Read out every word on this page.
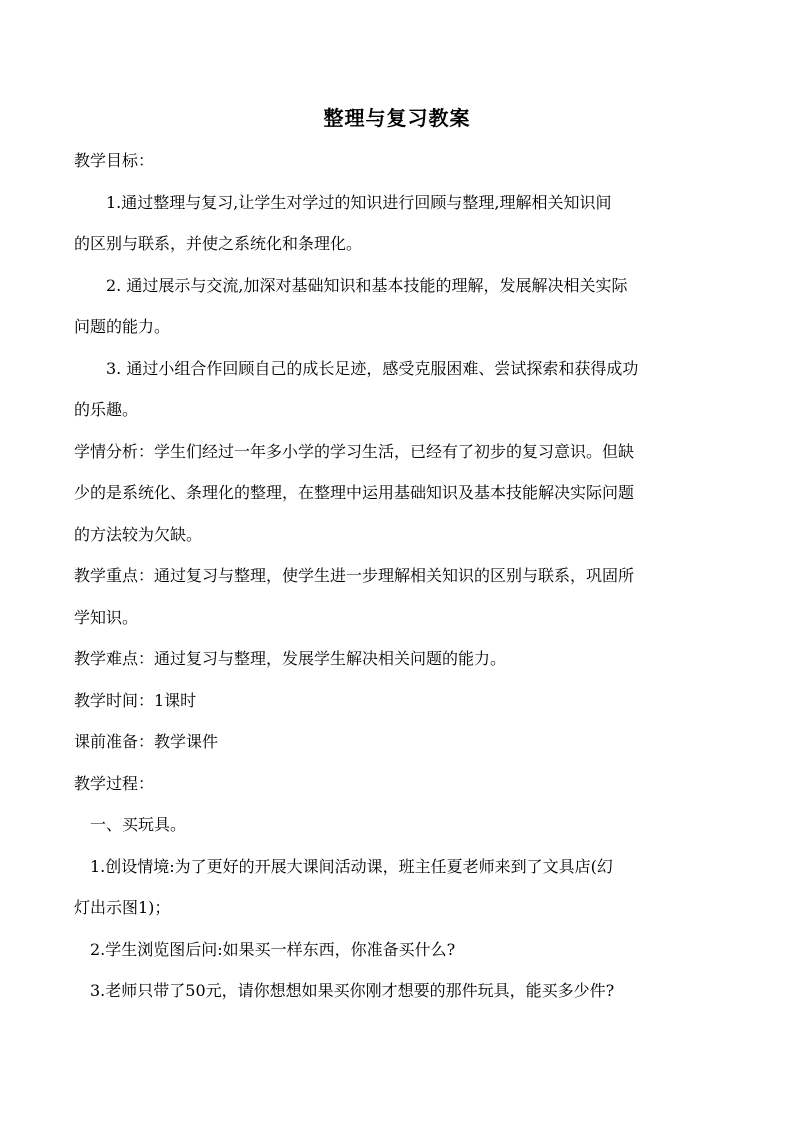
整理与复习教案
教学目标：
1.通过整理与复习,让学生对学过的知识进行回顾与整理,理解相关知识间
的区别与联系，并使之系统化和条理化。
2. 通过展示与交流,加深对基础知识和基本技能的理解，发展解决相关实际
问题的能力。
3. 通过小组合作回顾自己的成长足迹，感受克服困难、尝试探索和获得成功
的乐趣。
学情分析：学生们经过一年多小学的学习生活，已经有了初步的复习意识。但缺
少的是系统化、条理化的整理，在整理中运用基础知识及基本技能解决实际问题
的方法较为欠缺。
教学重点：通过复习与整理，使学生进一步理解相关知识的区别与联系，巩固所
学知识。
教学难点：通过复习与整理，发展学生解决相关问题的能力。
教学时间：1课时
课前准备：教学课件
教学过程：
一、买玩具。
1.创设情境:为了更好的开展大课间活动课，班主任夏老师来到了文具店(幻
灯出示图1)；
2.学生浏览图后问:如果买一样东西，你准备买什么?
3.老师只带了50元，请你想想如果买你刚才想要的那件玩具，能买多少件?
